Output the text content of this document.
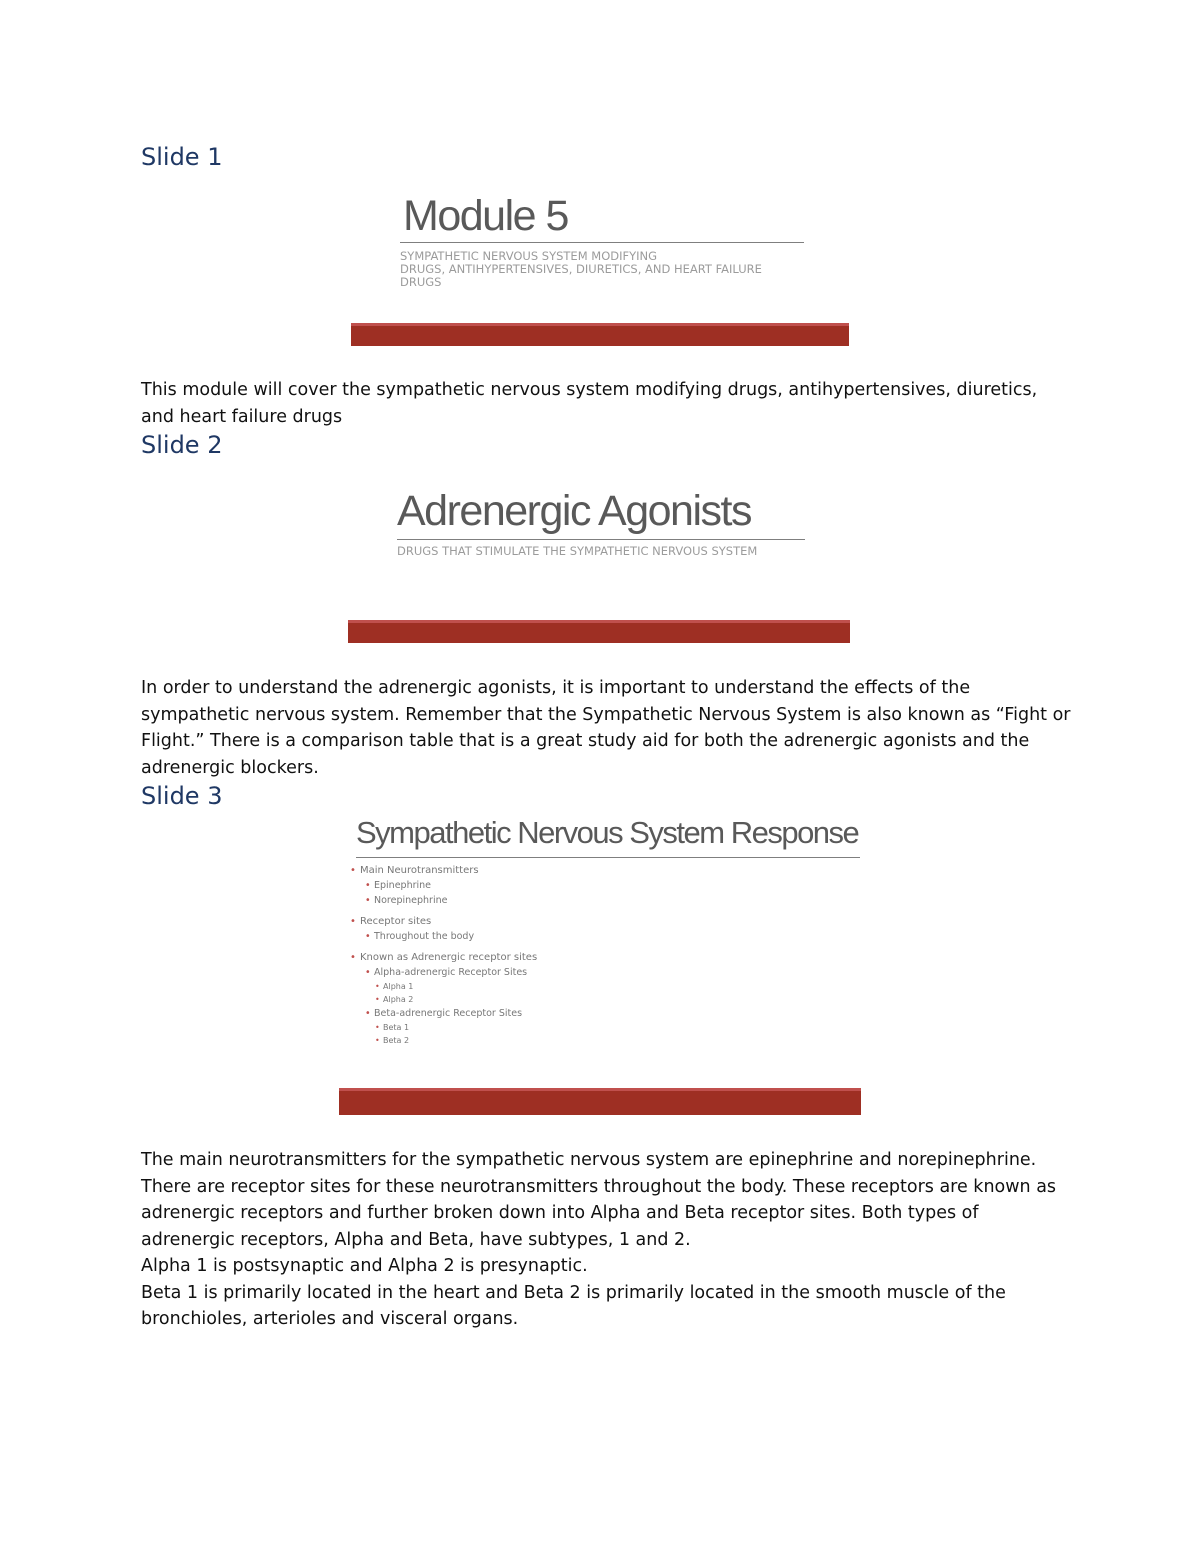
Slide 1
Module 5
SYMPATHETIC NERVOUS SYSTEM MODIFYING
DRUGS, ANTIHYPERTENSIVES, DIURETICS, AND HEART FAILURE
DRUGS

This module will cover the sympathetic nervous system modifying drugs, antihypertensives, diuretics,
and heart failure drugs

Slide 2
Adrenergic Agonists
DRUGS THAT STIMULATE THE SYMPATHETIC NERVOUS SYSTEM

In order to understand the adrenergic agonists, it is important to understand the effects of the
sympathetic nervous system. Remember that the Sympathetic Nervous System is also known as “Fight or
Flight.” There is a comparison table that is a great study aid for both the adrenergic agonists and the
adrenergic blockers.

Slide 3
Sympathetic Nervous System Response
• Main Neurotransmitters
• Epinephrine
• Norepinephrine
• Receptor sites
• Throughout the body
• Known as Adrenergic receptor sites
• Alpha-adrenergic Receptor Sites
• Alpha 1
• Alpha 2
• Beta-adrenergic Receptor Sites
• Beta 1
• Beta 2

The main neurotransmitters for the sympathetic nervous system are epinephrine and norepinephrine.
There are receptor sites for these neurotransmitters throughout the body. These receptors are known as
adrenergic receptors and further broken down into Alpha and Beta receptor sites. Both types of
adrenergic receptors, Alpha and Beta, have subtypes, 1 and 2.
Alpha 1 is postsynaptic and Alpha 2 is presynaptic.
Beta 1 is primarily located in the heart and Beta 2 is primarily located in the smooth muscle of the
bronchioles, arterioles and visceral organs.
